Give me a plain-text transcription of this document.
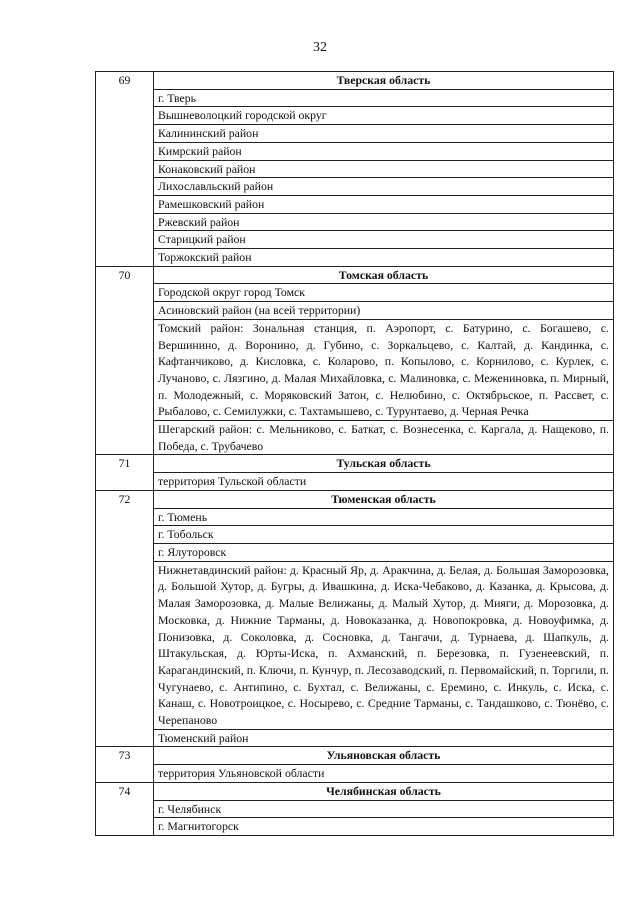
32
69	Тверская область
	г. Тверь
	Вышневолоцкий городской округ
	Калининский район
	Кимрский район
	Конаковский район
	Лихославльский район
	Рамешковский район
	Ржевский район
	Старицкий район
	Торжокский район
70	Томская область
	Городской округ город Томск
	Асиновский район (на всей территории)
	Томский район: Зональная станция, п. Аэропорт, с. Батурино, с. Богашево, с. Вершинино, д. Воронино, д. Губино, с. Зоркальцево, с. Калтай, д. Кандинка, с. Кафтанчиково, д. Кисловка, с. Коларово, п. Копылово, с. Корнилово, с. Курлек, с. Лучаново, с. Лязгино, д. Малая Михайловка, с. Малиновка, с. Межениновка, п. Мирный, п. Молодежный, с. Моряковский Затон, с. Нелюбино, с. Октябрьское, п. Рассвет, с. Рыбалово, с. Семилужки, с. Тахтамышево, с. Турунтаево, д. Черная Речка
	Шегарский район: с. Мельниково, с. Баткат, с. Вознесенка, с. Каргала, д. Нащеково, п. Победа, с. Трубачево
71	Тульская область
	территория Тульской области
72	Тюменская область
	г. Тюмень
	г. Тобольск
	г. Ялуторовск
	Нижнетавдинский район: д. Красный Яр, д. Аракчина, д. Белая, д. Большая Заморозовка, д. Большой Хутор, д. Бугры, д. Ивашкина, д. Иска-Чебаково, д. Казанка, д. Крысова, д. Малая Заморозовка, д. Малые Велижаны, д. Малый Хутор, д. Мияги, д. Морозовка, д. Московка, д. Нижние Тарманы, д. Новоказанка, д. Новопокровка, д. Новоуфимка, д. Понизовка, д. Соколовка, д. Сосновка, д. Тангачи, д. Турнаева, д. Шапкуль, д. Штакульская, д. Юрты-Иска, п. Ахманский, п. Березовка, п. Гузенеевский, п. Карагандинский, п. Ключи, п. Кунчур, п. Лесозаводский, п. Первомайский, п. Торгили, п. Чугунаево, с. Антипино, с. Бухтал, с. Велижаны, с. Еремино, с. Инкуль, с. Иска, с. Канаш, с. Новотроицкое, с. Носырево, с. Средние Тарманы, с. Тандашково, с. Тюнёво, с. Черепаново
	Тюменский район
73	Ульяновская область
	территория Ульяновской области
74	Челябинская область
	г. Челябинск
	г. Магнитогорск
